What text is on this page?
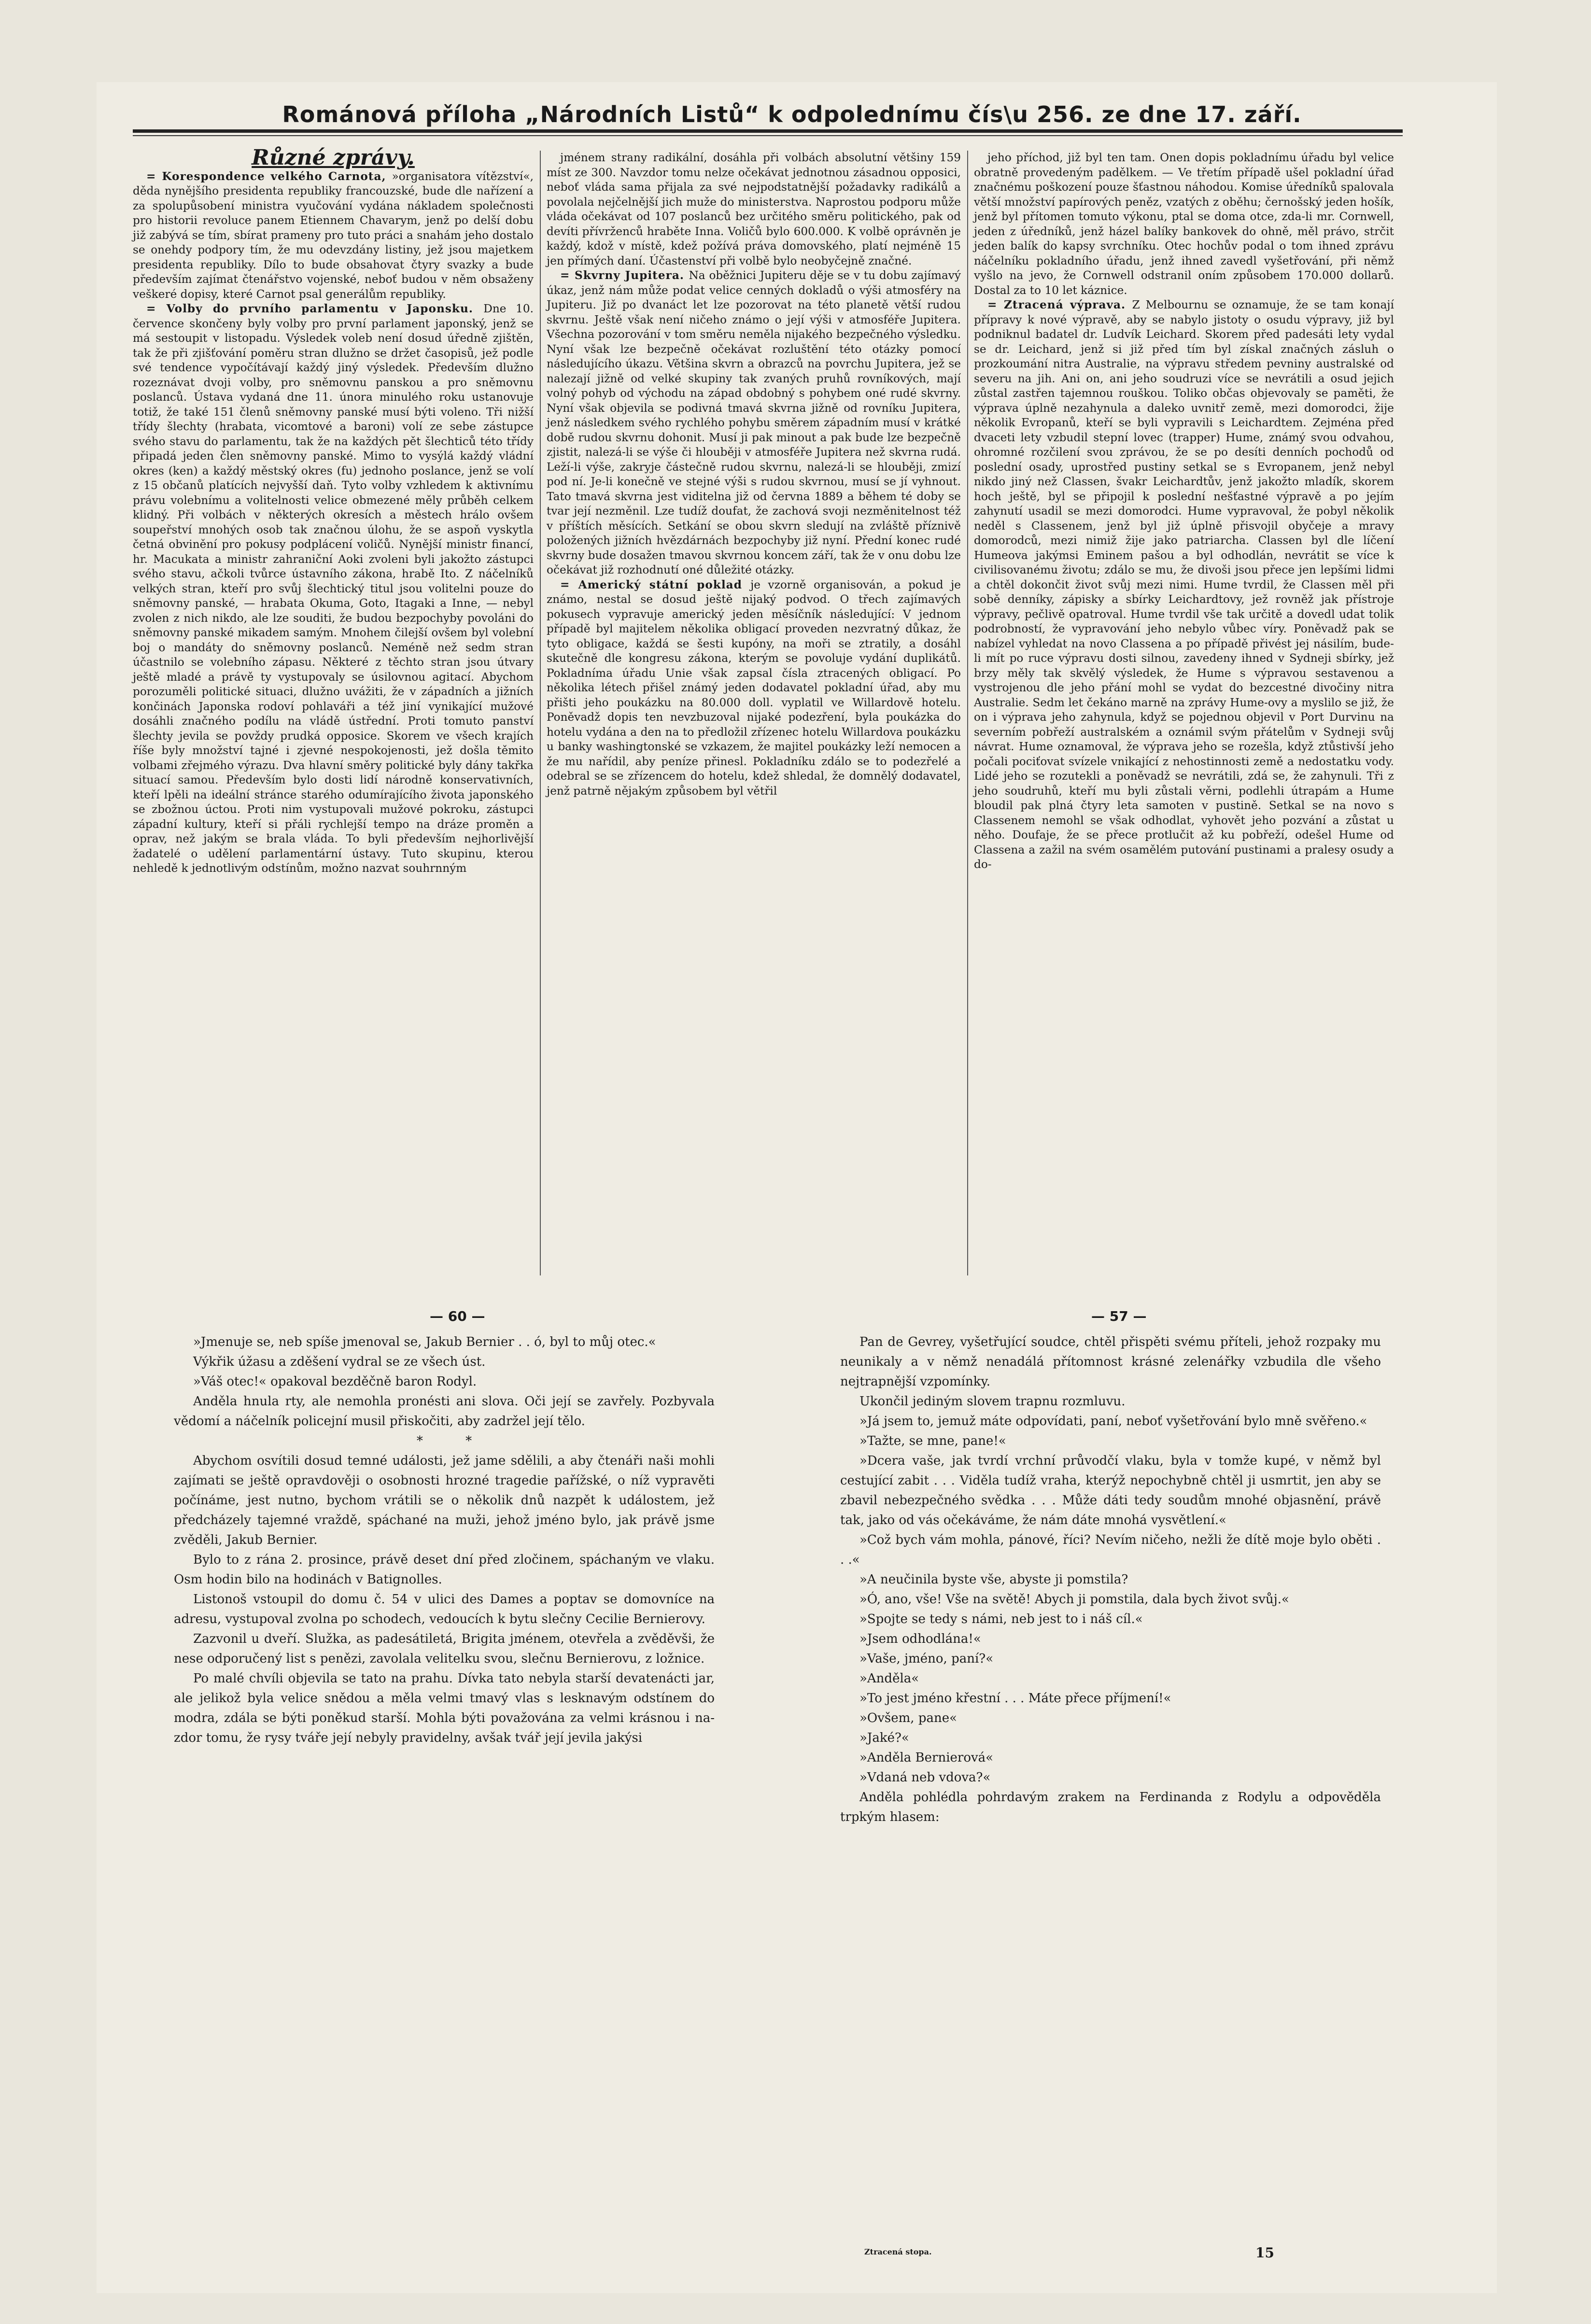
Románová příloha „Národních Listů“ k odpolednímu čís\u 256. ze dne 17. září.
Různé zprávy.

= Korespondence velkého Carnota, »organisatora vítězství«, děda nynějšího presidenta republiky francouzské, bude dle nařízení a za spolupůsobení ministra vyučování vydána nákladem společnosti pro historii revoluce panem Etiennem Chavarym, jenž po delší dobu již zabývá se tím, sbírat prameny pro tuto práci a snahám jeho dostalo se onehdy podpory tím, že mu odevzdány listiny, jež jsou majetkem presidenta republiky. Dílo to bude obsahovat čtyry svazky a bude především zajímat čtenářstvo vojenské, neboť budou v něm obsaženy veškeré dopisy, které Carnot psal generálům republiky.

= Volby do prvního parlamentu v Japonsku. Dne 10. července skončeny byly volby pro první parlament japonský, jenž se má sestoupit v listopadu. Výsledek voleb není dosud úředně zjištěn, tak že při zjišťování poměru stran dlužno se držet časopisů, jež podle své tendence vypočítávají každý jiný výsledek. Především dlužno rozeznávat dvoji volby, pro sněmovnu panskou a pro sněmovnu poslanců. Ústava vydaná dne 11. února minulého roku ustanovuje totiž, že také 151 členů sněmovny panské musí býti voleno. Tři nižší třídy šlechty (hrabata, vicomtové a baroni) volí ze sebe zástupce svého stavu do parlamentu, tak že na každých pět šlechticů této třídy připadá jeden člen sněmovny panské. Mimo to vysýlá každý vládní okres (ken) a každý městský okres (fu) jednoho poslance, jenž se volí z 15 občanů platících nejvyšší daň. Tyto volby vzhledem k aktivnímu právu volebnímu a volitelnosti velice obmezené měly průběh celkem klidný. Při volbách v některých okresích a městech hrálo ovšem soupeřství mnohých osob tak značnou úlohu, že se aspoň vyskytla četná obvinění pro pokusy podplácení voličů. Nynější ministr financí, hr. Macukata a ministr zahraniční Aoki zvoleni byli jakožto zástupci svého stavu, ačkoli tvůrce ústavního zákona, hrabě Ito. Z náčelníků velkých stran, kteří pro svůj šlechtický titul jsou volitelni pouze do sněmovny panské, — hrabata Okuma, Goto, Itagaki a Inne, — nebyl zvolen z nich nikdo, ale lze souditi, že budou bezpochyby povoláni do sněmovny panské mikadem samým. Mnohem čilejší ovšem byl volební boj o mandáty do sněmovny poslanců. Neméně než sedm stran účastnilo se volebního zápasu. Některé z těchto stran jsou útvary ještě mladé a právě ty vystupovaly se úsilovnou agitací. Abychom porozuměli politické situaci, dlužno uvážiti, že v západních a jižních končinách Japonska rodoví pohlaváři a též jiní vynikající mužové dosáhli značného podílu na vládě ústřední. Proti tomuto panství šlechty jevila se povždy prudká opposice. Skorem ve všech krajích říše byly množství tajné i zjevné nespokojenosti, jež došla těmito volbami zřejmého výrazu. Dva hlavní směry politické byly dány takřka situací samou. Především bylo dosti lidí národně konservativních, kteří lpěli na ideální stránce starého odumírajícího života japonského se zbožnou úctou. Proti nim vystupovali mužové pokroku, zástupci západní kultury, kteří si přáli rychlejší tempo na dráze proměn a oprav, než jakým se brala vláda. To byli především nejhorlivější žadatelé o udělení parlamentární ústavy. Tuto skupinu, kterou nehledě k jednotlivým odstínům, možno nazvat souhrnným

jménem strany radikální, dosáhla při volbách absolutní většiny 159 míst ze 300. Navzdor tomu nelze očekávat jednotnou zásadnou opposici, neboť vláda sama přijala za své nejpodstatnější požadavky radikálů a povolala nejčelnější jich muže do ministerstva. Naprostou podporu může vláda očekávat od 107 poslanců bez určitého směru politického, pak od devíti přívrženců hraběte Inna. Voličů bylo 600.000. K volbě oprávněn je každý, kdož v místě, kdež požívá práva domovského, platí nejméně 15 jen přímých daní. Účastenství při volbě bylo neobyčejně značné.

= Skvrny Jupitera. Na oběžnici Jupiteru děje se v tu dobu zajímavý úkaz, jenž nám může podat velice cenných dokladů o výši atmosféry na Jupiteru. Již po dvanáct let lze pozorovat na této planetě větší rudou skvrnu. Ještě však není ničeho známo o její výši v atmosféře Jupitera. Všechna pozorování v tom směru neměla nijakého bezpečného výsledku. Nyní však lze bezpečně očekávat rozluštění této otázky pomocí následujícího úkazu. Většina skvrn a obrazců na povrchu Jupitera, jež se nalezají jižně od velké skupiny tak zvaných pruhů rovníkových, mají volný pohyb od východu na západ obdobný s pohybem oné rudé skvrny. Nyní však objevila se podivná tmavá skvrna jižně od rovníku Jupitera, jenž následkem svého rychlého pohybu směrem západním musí v krátké době rudou skvrnu dohonit. Musí ji pak minout a pak bude lze bezpečně zjistit, nalezá-li se výše či hlouběji v atmosféře Jupitera než skvrna rudá. Leží-li výše, zakryje částečně rudou skvrnu, nalezá-li se hlouběji, zmizí pod ní. Je-li konečně ve stejné výši s rudou skvrnou, musí se jí vyhnout. Tato tmavá skvrna jest viditelna již od června 1889 a během té doby se tvar její nezměnil. Lze tudíž doufat, že zachová svoji nezměnitelnost též v příštích měsících. Setkání se obou skvrn sledují na zvláště příznivě položených jižních hvězdárnách bezpochyby již nyní. Přední konec rudé skvrny bude dosažen tmavou skvrnou koncem září, tak že v onu dobu lze očekávat již rozhodnutí oné důležité otázky.

= Americký státní poklad je vzorně organisován, a pokud je známo, nestal se dosud ještě nijaký podvod. O třech zajímavých pokusech vypravuje americký jeden měsíčník následující: V jednom případě byl majitelem několika obligací proveden nezvratný důkaz, že tyto obligace, každá se šesti kupóny, na moři se ztratily, a dosáhl skutečně dle kongresu zákona, kterým se povoluje vydání duplikátů. Pokladníma úřadu Unie však zapsal čísla ztracených obligací. Po několika létech přišel známý jeden dodavatel pokladní úřad, aby mu přišti jeho poukázku na 80.000 doll. vyplatil ve Willardově hotelu. Poněvadž dopis ten nevzbuzoval nijaké podezření, byla poukázka do hotelu vydána a den na to předložil zřízenec hotelu Willardova poukázku u banky washingtonské se vzkazem, že majitel poukázky leží nemocen a že mu nařídil, aby peníze přinesl. Pokladníku zdálo se to podezřelé a odebral se se zřízencem do hotelu, kdež shledal, že domnělý dodavatel, jenž patrně nějakým způsobem byl větřil

jeho příchod, již byl ten tam. Onen dopis pokladnímu úřadu byl velice obratně provedeným padělkem. — Ve třetím případě ušel pokladní úřad značnému poškození pouze šťastnou náhodou. Komise úředníků spalovala větší množství papírových peněz, vzatých z oběhu; černošský jeden hošík, jenž byl přítomen tomuto výkonu, ptal se doma otce, zda-li mr. Cornwell, jeden z úředníků, jenž házel balíky bankovek do ohně, měl právo, strčit jeden balík do kapsy svrchníku. Otec hochův podal o tom ihned zprávu náčelníku pokladního úřadu, jenž ihned zavedl vyšetřování, při němž vyšlo na jevo, že Cornwell odstranil oním způsobem 170.000 dollarů. Dostal za to 10 let káznice.

= Ztracená výprava. Z Melbournu se oznamuje, že se tam konají přípravy k nové výpravě, aby se nabylo jistoty o osudu výpravy, již byl podniknul badatel dr. Ludvík Leichard. Skorem před padesáti lety vydal se dr. Leichard, jenž si již před tím byl získal značných zásluh o prozkoumání nitra Australie, na výpravu středem pevniny australské od severu na jih. Ani on, ani jeho soudruzi více se nevrátili a osud jejich zůstal zastřen tajemnou rouškou. Toliko občas objevovaly se paměti, že výprava úplně nezahynula a daleko uvnitř země, mezi domorodci, žije několik Evropanů, kteří se byli vypravili s Leichardtem. Zejména před dvaceti lety vzbudil stepní lovec (trapper) Hume, známý svou odvahou, ohromné rozčilení svou zprávou, že se po desíti denních pochodů od poslední osady, uprostřed pustiny setkal se s Evropanem, jenž nebyl nikdo jiný než Classen, švakr Leichardtův, jenž jakožto mladík, skorem hoch ještě, byl se připojil k poslední nešťastné výpravě a po jejím zahynutí usadil se mezi domorodci. Hume vypravoval, že pobyl několik neděl s Classenem, jenž byl již úplně přisvojil obyčeje a mravy domorodců, mezi nimiž žije jako patriarcha. Classen byl dle líčení Humeova jakýmsi Eminem pašou a byl odhodlán, nevrátit se více k civilisovanému životu; zdálo se mu, že divoši jsou přece jen lepšími lidmi a chtěl dokončit život svůj mezi nimi. Hume tvrdil, že Classen měl při sobě denníky, zápisky a sbírky Leichardtovy, jež rovněž jak přístroje výpravy, pečlivě opatroval. Hume tvrdil vše tak určitě a dovedl udat tolik podrobností, že vypravování jeho nebylo vůbec víry. Poněvadž pak se nabízel vyhledat na novo Classena a po případě přivést jej násilím, bude-li mít po ruce výpravu dosti silnou, zavedeny ihned v Sydneji sbírky, jež brzy měly tak skvělý výsledek, že Hume s výpravou sestavenou a vystrojenou dle jeho přání mohl se vydat do bezcestné divočiny nitra Australie. Sedm let čekáno marně na zprávy Hume-ovy a myslilo se již, že on i výprava jeho zahynula, když se pojednou objevil v Port Durvinu na severním pobřeží australském a oznámil svým přátelům v Sydneji svůj návrat. Hume oznamoval, že výprava jeho se rozešla, když ztůstivší jeho počali pociťovat svízele vnikající z nehostinnosti země a nedostatku vody. Lidé jeho se rozutekli a poněvadž se nevrátili, zdá se, že zahynuli. Tři z jeho soudruhů, kteří mu byli zůstali věrni, podlehli útrapám a Hume bloudil pak plná čtyry leta samoten v pustině. Setkal se na novo s Classenem nemohl se však odhodlat, vyhovět jeho pozvání a zůstat u něho. Doufaje, že se přece protlučit až ku pobřeží, odešel Hume od Classena a zažil na svém osamělém putování pustinami a pralesy osudy a do-

— 60 —	— 57 —

»Jmenuje se, neb spíše jmenoval se, Jakub Bernier . . ó, byl to můj otec.«

Výkřik úžasu a zděšení vydral se ze všech úst.

»Váš otec!« opakoval bezděčně baron Rodyl.

Anděla hnula rty, ale nemohla pronésti ani slova. Oči její se zavřely. Pozbyvala vědomí a náčelník policejní musil přiskočiti, aby zadržel její tělo.

* *

Abychom osvítili dosud temné události, jež jame sdělili, a aby čtenáři naši mohli zajímati se ještě opravdověji o osobnosti hrozné tragedie pařížské, o níž vypravěti počínáme, jest nutno, bychom vrátili se o několik dnů nazpět k událostem, jež předcházely tajemné vraždě, spáchané na muži, jehož jméno bylo, jak právě jsme zvěděli, Jakub Bernier.

Bylo to z rána 2. prosince, právě deset dní před zločinem, spáchaným ve vlaku. Osm hodin bilo na hodinách v Batignolles.

Listonoš vstoupil do domu č. 54 v ulici des Dames a poptav se domovníce na adresu, vystupoval zvolna po schodech, vedoucích k bytu slečny Cecilie Bernierovy.

Zazvonil u dveří. Služka, as padesátiletá, Brigita jménem, otevřela a zvěděvši, že nese odporučený list s penězi, zavolala velitelku svou, slečnu Bernierovu, z ložnice.

Po malé chvíli objevila se tato na prahu. Dívka tato nebyla starší devatenácti jar, ale jelikož byla velice snědou a měla velmi tmavý vlas s lesknavým odstínem do modra, zdála se býti poněkud starší. Mohla býti považována za velmi krásnou i na-zdor tomu, že rysy tváře její nebyly pravidelny, avšak tvář její jevila jakýsi

Pan de Gevrey, vyšetřující soudce, chtěl přispěti svému příteli, jehož rozpaky mu neunikaly a v němž nenadálá přítomnost krásné zelenářky vzbudila dle všeho nejtrapnější vzpomínky.

Ukončil jediným slovem trapnu rozmluvu.

»Já jsem to, jemuž máte odpovídati, paní, neboť vyšetřování bylo mně svěřeno.«

»Tažte, se mne, pane!«

»Dcera vaše, jak tvrdí vrchní průvodčí vlaku, byla v tomže kupé, v němž byl cestující zabit . . . Viděla tudíž vraha, kterýž nepochybně chtěl ji usmrtit, jen aby se zbavil nebezpečného svědka . . . Může dáti tedy soudům mnohé objasnění, právě tak, jako od vás očekáváme, že nám dáte mnohá vysvětlení.«

»Což bych vám mohla, pánové, říci? Nevím ničeho, nežli že dítě moje bylo oběti . . .«

»A neučinila byste vše, abyste ji pomstila?

»Ó, ano, vše! Vše na světě! Abych ji pomstila, dala bych život svůj.«

»Spojte se tedy s námi, neb jest to i náš cíl.«

»Jsem odhodlána!«

»Vaše, jméno, paní?«

»Anděla«

»To jest jméno křestní . . . Máte přece příjmení!«

»Ovšem, pane«

»Jaké?«

»Anděla Bernierová«

»Vdaná neb vdova?«

Anděla pohlédla pohrdavým zrakem na Ferdinanda z Rodylu a odpověděla trpkým hlasem:

Ztracená stopa.	15
